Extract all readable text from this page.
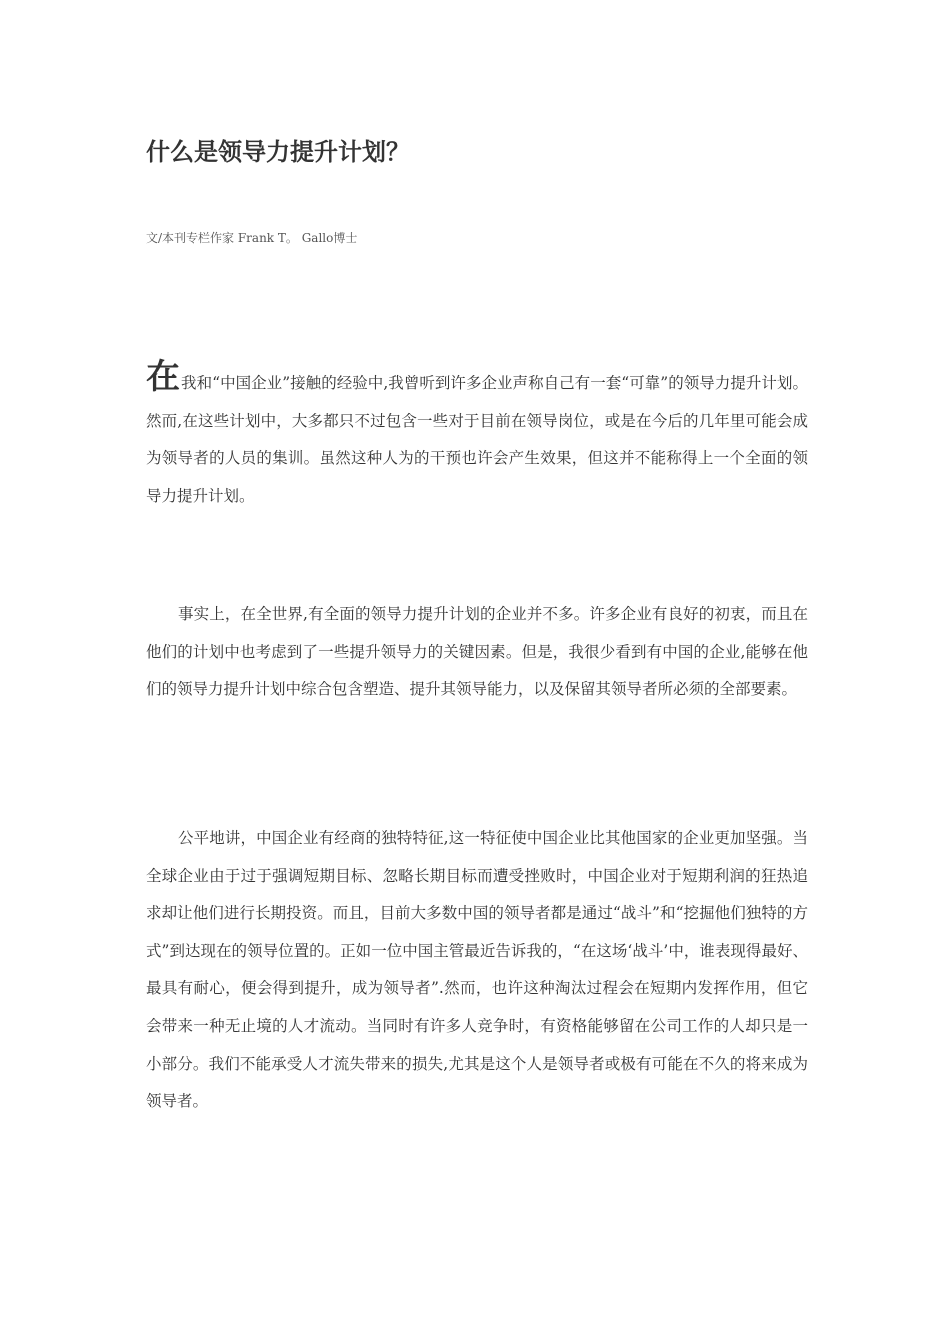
什么是领导力提升计划？
文/本刊专栏作家 Frank T。 Gallo博士

在我和“中国企业”接触的经验中,我曾听到许多企业声称自己有一套“可靠”的领导力提升计划。然而,在这些计划中，大多都只不过包含一些对于目前在领导岗位，或是在今后的几年里可能会成为领导者的人员的集训。虽然这种人为的干预也许会产生效果，但这并不能称得上一个全面的领导力提升计划。

事实上，在全世界,有全面的领导力提升计划的企业并不多。许多企业有良好的初衷，而且在他们的计划中也考虑到了一些提升领导力的关键因素。但是，我很少看到有中国的企业,能够在他们的领导力提升计划中综合包含塑造、提升其领导能力，以及保留其领导者所必须的全部要素。

公平地讲，中国企业有经商的独特特征,这一特征使中国企业比其他国家的企业更加坚强。当全球企业由于过于强调短期目标、忽略长期目标而遭受挫败时，中国企业对于短期利润的狂热追求却让他们进行长期投资。而且，目前大多数中国的领导者都是通过“战斗”和“挖掘他们独特的方式”到达现在的领导位置的。正如一位中国主管最近告诉我的，“在这场‘战斗’中，谁表现得最好、最具有耐心，便会得到提升，成为领导者”.然而，也许这种淘汰过程会在短期内发挥作用，但它会带来一种无止境的人才流动。当同时有许多人竞争时，有资格能够留在公司工作的人却只是一小部分。我们不能承受人才流失带来的损失,尤其是这个人是领导者或极有可能在不久的将来成为领导者。
